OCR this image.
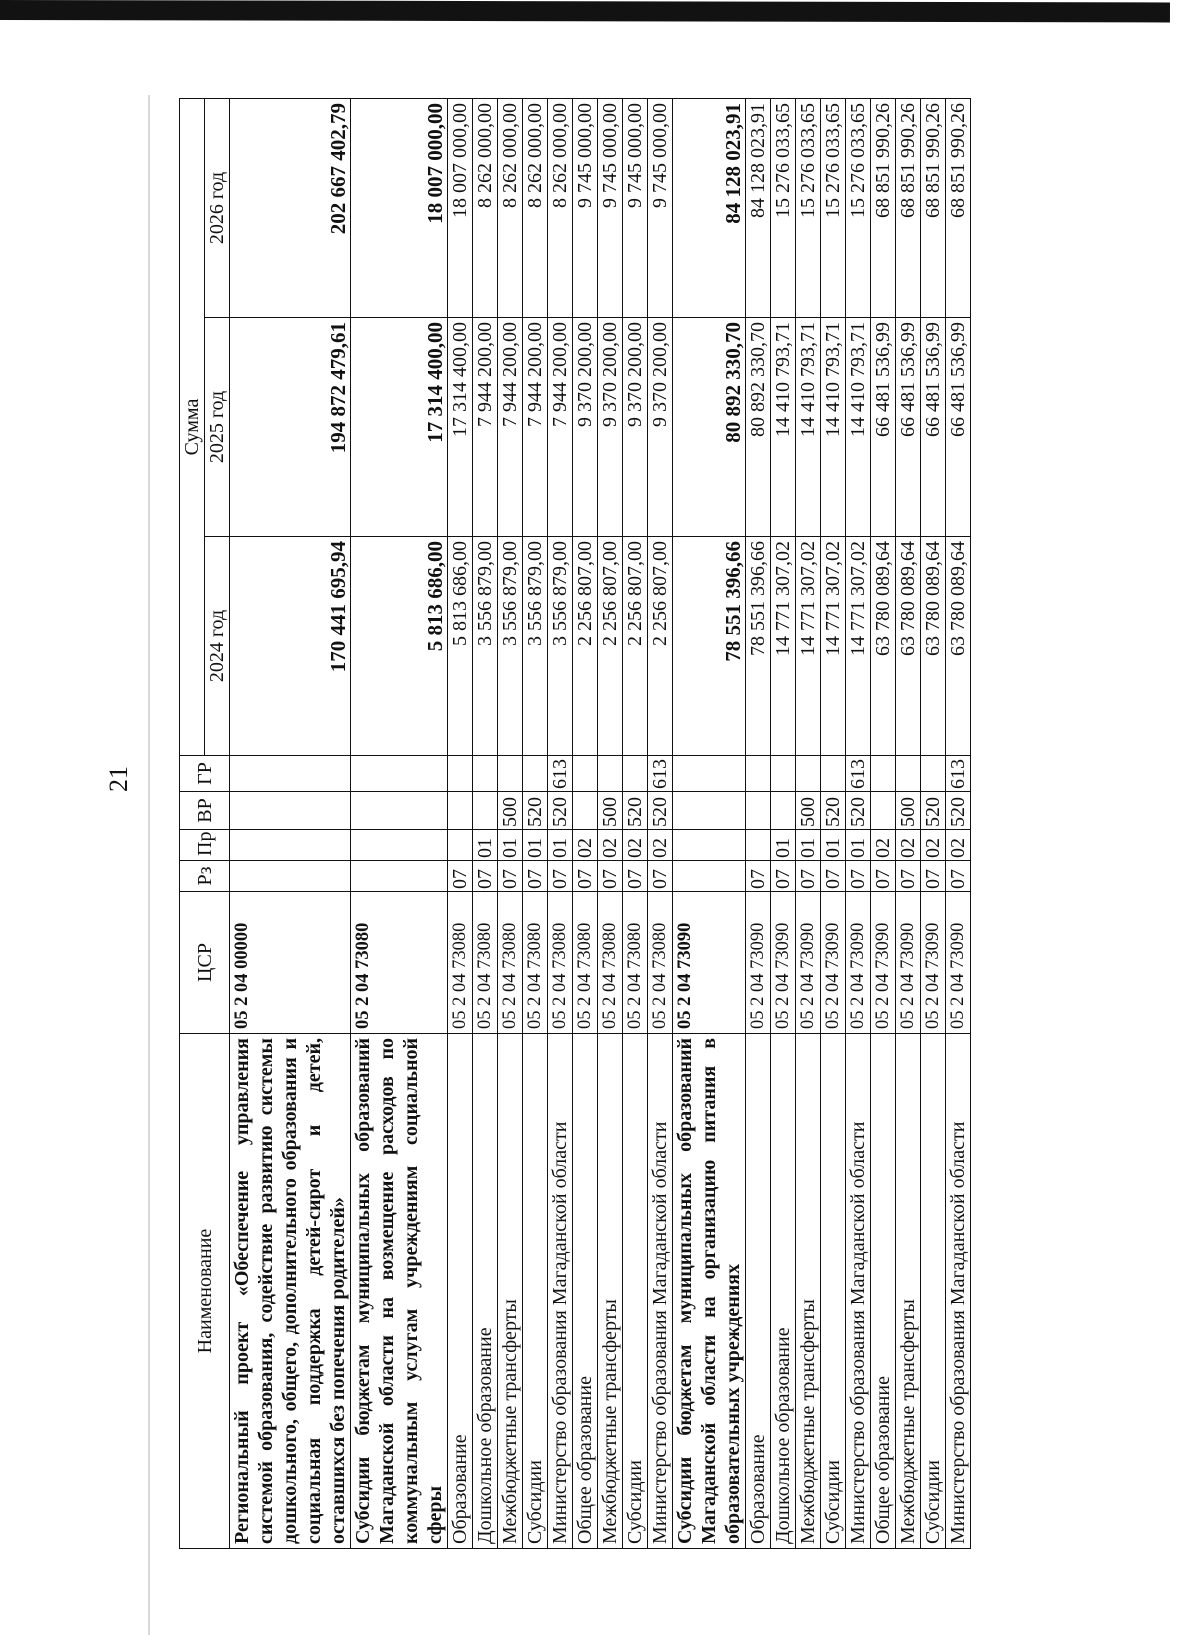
21
Наименование	ЦСР	Рз	Пр	ВР	ГР	Сумма		
						2024 год	2025 год	2026 год
Региональный проект «Обеспечение управления системой образования, содействие развитию системы дошкольного, общего, дополнительного образования и социальная поддержка детей-сирот и детей, оставшихся без попечения родителей»	05 2 04 00000					170 441 695,94	194 872 479,61	202 667 402,79
Субсидии бюджетам муниципальных образований Магаданской области на возмещение расходов по коммунальным услугам учреждениям социальной сферы	05 2 04 73080					5 813 686,00	17 314 400,00	18 007 000,00
Образование	05 2 04 73080	07				5 813 686,00	17 314 400,00	18 007 000,00
Дошкольное образование	05 2 04 73080	07	01			3 556 879,00	7 944 200,00	8 262 000,00
Межбюджетные трансферты	05 2 04 73080	07	01	500		3 556 879,00	7 944 200,00	8 262 000,00
Субсидии	05 2 04 73080	07	01	520		3 556 879,00	7 944 200,00	8 262 000,00
Министерство образования Магаданской области	05 2 04 73080	07	01	520	613	3 556 879,00	7 944 200,00	8 262 000,00
Общее образование	05 2 04 73080	07	02			2 256 807,00	9 370 200,00	9 745 000,00
Межбюджетные трансферты	05 2 04 73080	07	02	500		2 256 807,00	9 370 200,00	9 745 000,00
Субсидии	05 2 04 73080	07	02	520		2 256 807,00	9 370 200,00	9 745 000,00
Министерство образования Магаданской области	05 2 04 73080	07	02	520	613	2 256 807,00	9 370 200,00	9 745 000,00
Субсидии бюджетам муниципальных образований Магаданской области на организацию питания в образовательных учреждениях	05 2 04 73090					78 551 396,66	80 892 330,70	84 128 023,91
Образование	05 2 04 73090	07				78 551 396,66	80 892 330,70	84 128 023,91
Дошкольное образование	05 2 04 73090	07	01			14 771 307,02	14 410 793,71	15 276 033,65
Межбюджетные трансферты	05 2 04 73090	07	01	500		14 771 307,02	14 410 793,71	15 276 033,65
Субсидии	05 2 04 73090	07	01	520		14 771 307,02	14 410 793,71	15 276 033,65
Министерство образования Магаданской области	05 2 04 73090	07	01	520	613	14 771 307,02	14 410 793,71	15 276 033,65
Общее образование	05 2 04 73090	07	02			63 780 089,64	66 481 536,99	68 851 990,26
Межбюджетные трансферты	05 2 04 73090	07	02	500		63 780 089,64	66 481 536,99	68 851 990,26
Субсидии	05 2 04 73090	07	02	520		63 780 089,64	66 481 536,99	68 851 990,26
Министерство образования Магаданской области	05 2 04 73090	07	02	520	613	63 780 089,64	66 481 536,99	68 851 990,26
